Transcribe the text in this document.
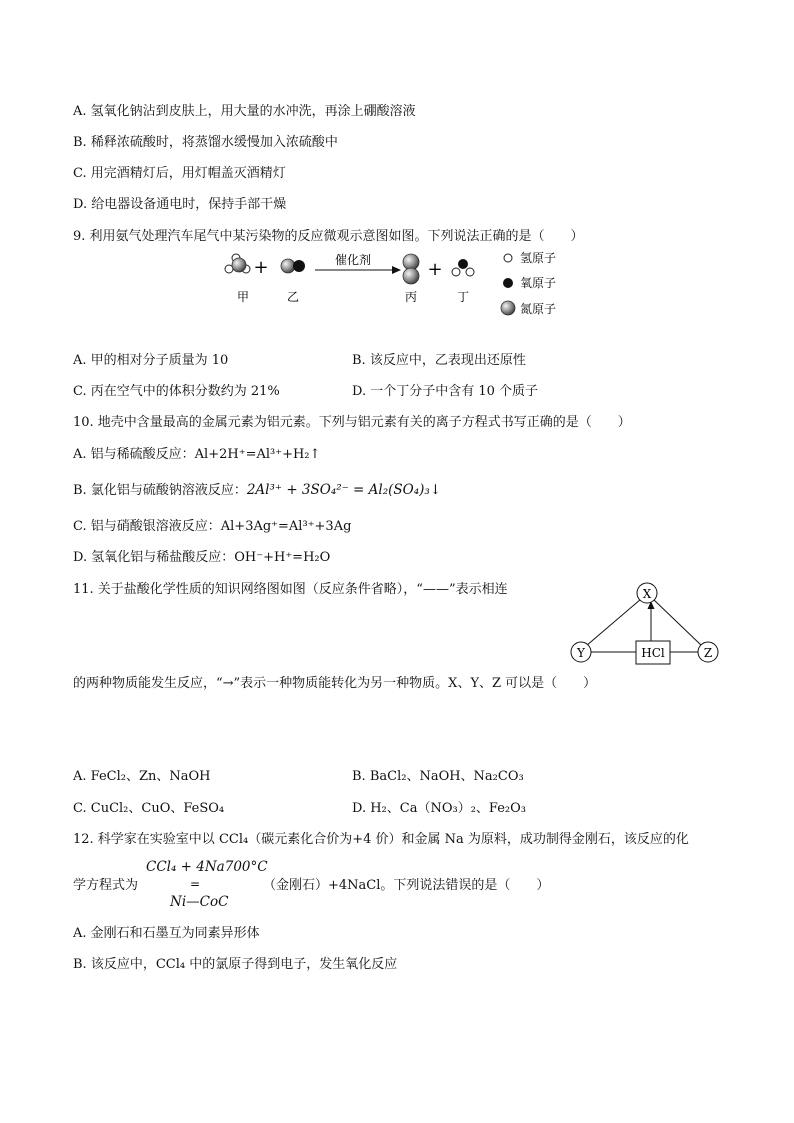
A. 氢氧化钠沾到皮肤上，用大量的水冲洗，再涂上硼酸溶液
B. 稀释浓硫酸时，将蒸馏水缓慢加入浓硫酸中
C. 用完酒精灯后，用灯帽盖灭酒精灯
D. 给电器设备通电时，保持手部干燥
9. 利用氨气处理汽车尾气中某污染物的反应微观示意图如图。下列说法正确的是（　　）
+	催化剂	+
甲	乙	丙	丁
氢原子
氧原子
氮原子
A. 甲的相对分子质量为 10	B. 该反应中，乙表现出还原性
C. 丙在空气中的体积分数约为 21%	D. 一个丁分子中含有 10 个质子
10. 地壳中含量最高的金属元素为铝元素。下列与铝元素有关的离子方程式书写正确的是（　　）
A. 铝与稀硫酸反应：Al+2H⁺=Al³⁺+H₂↑
B. 氯化铝与硫酸钠溶液反应：2Al³⁺ + 3SO₄²⁻ = Al₂(SO₄)₃↓
C. 铝与硝酸银溶液反应：Al+3Ag⁺=Al³⁺+3Ag
D. 氢氧化铝与稀盐酸反应：OH⁻+H⁺=H₂O
11. 关于盐酸化学性质的知识网络图如图（反应条件省略），“——”表示相连	X
Y	Z
HCl
的两种物质能发生反应，“→”表示一种物质能转化为另一种物质。X、Y、Z 可以是（　　）
A. FeCl₂、Zn、NaOH	B. BaCl₂、NaOH、Na₂CO₃
C. CuCl₂、CuO、FeSO₄	D. H₂、Ca（NO₃）₂、Fe₂O₃
12. 科学家在实验室中以 CCl₄（碳元素化合价为+4 价）和金属 Na 为原料，成功制得金刚石，该反应的化
学方程式为
CCl₄ + 4Na700°C
=
Ni—CoC
（金刚石）+4NaCl。下列说法错误的是（　　）
A. 金刚石和石墨互为同素异形体
B. 该反应中，CCl₄ 中的氯原子得到电子，发生氧化反应
